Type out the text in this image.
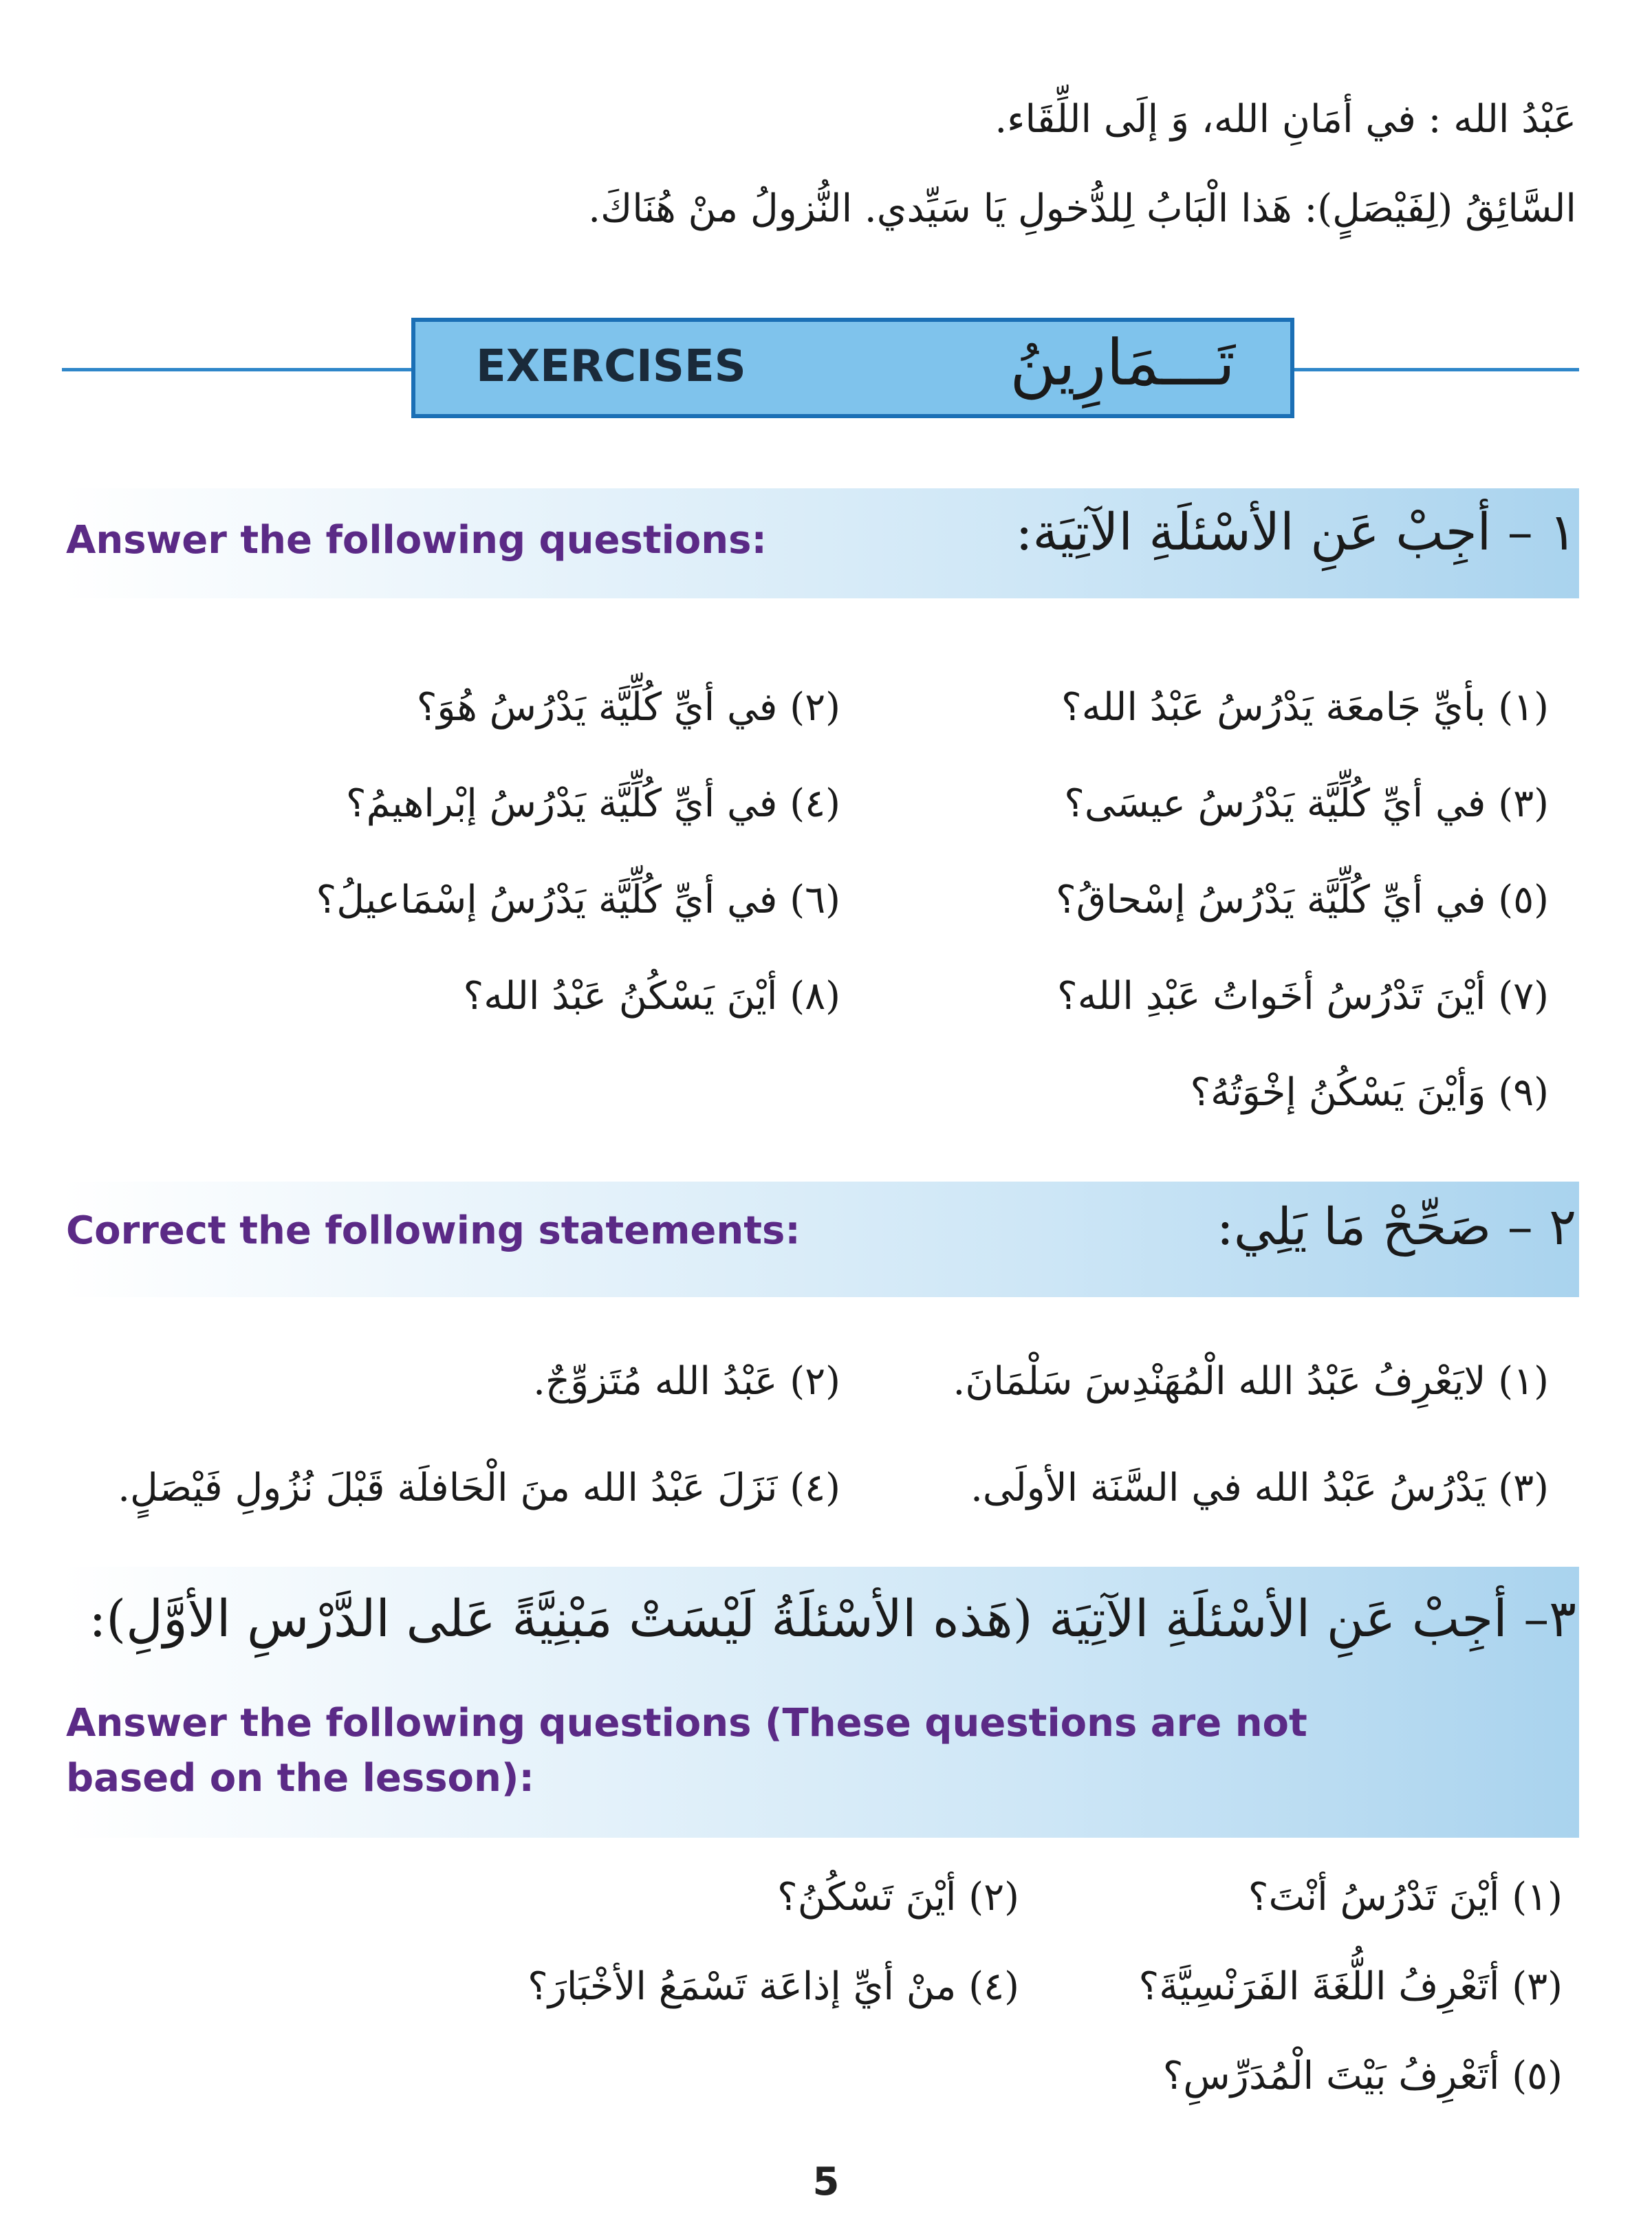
عَبْدُ الله : في أمَانِ الله، وَ إلَى اللِّقَاء.
السَّائِقُ (لِفَيْصَلٍ): هَذا الْبَابُ لِلدُّخولِ يَا سَيِّدي. النُّزولُ منْ هُنَاكَ.
EXERCISES	تَـــمَارِينُ
١ – أجِبْ عَنِ الأسْئلَةِ الآتِيَة:
Answer the following questions:
(١) بأيِّ جَامعَة يَدْرُسُ عَبْدُ الله؟
(٢) في أيِّ كُلِّيَّة يَدْرُسُ هُوَ؟
(٣) في أيِّ كُلِّيَّة يَدْرُسُ عيسَى؟
(٤) في أيِّ كُلِّيَّة يَدْرُسُ إبْراهيمُ؟
(٥) في أيِّ كُلِّيَّة يَدْرُسُ إسْحاقُ؟
(٦) في أيِّ كُلِّيَّة يَدْرُسُ إسْمَاعيلُ؟
(٧) أيْنَ تَدْرُسُ أخَواتُ عَبْدِ الله؟
(٨) أيْنَ يَسْكُنُ عَبْدُ الله؟
(٩) وَأيْنَ يَسْكُنُ إخْوَتُهُ؟
٢ – صَحِّحْ مَا يَلِي:
Correct the following statements:
(١) لايَعْرِفُ عَبْدُ الله الْمُهَنْدِسَ سَلْمَانَ.
(٢) عَبْدُ الله مُتَزوِّجٌ.
(٣) يَدْرُسُ عَبْدُ الله في السَّنَة الأولَى.
(٤) نَزَلَ عَبْدُ الله منَ الْحَافلَة قَبْلَ نُزُولِ فَيْصَلٍ.
٣– أجِبْ عَنِ الأسْئلَةِ الآتِيَة (هَذه الأسْئلَةُ لَيْسَتْ مَبْنِيَّةً عَلى الدَّرْسِ الأوَّلِ):
Answer the following questions (These questions are not
based on the lesson):
(١) أيْنَ تَدْرُسُ أنْتَ؟
(٢) أيْنَ تَسْكُنُ؟
(٣) أتَعْرِفُ اللُّغَةَ الفَرَنْسِيَّةَ؟
(٤) منْ أيِّ إذاعَة تَسْمَعُ الأخْبَارَ؟
(٥) أتَعْرِفُ بَيْتَ الْمُدَرِّسِ؟
5
